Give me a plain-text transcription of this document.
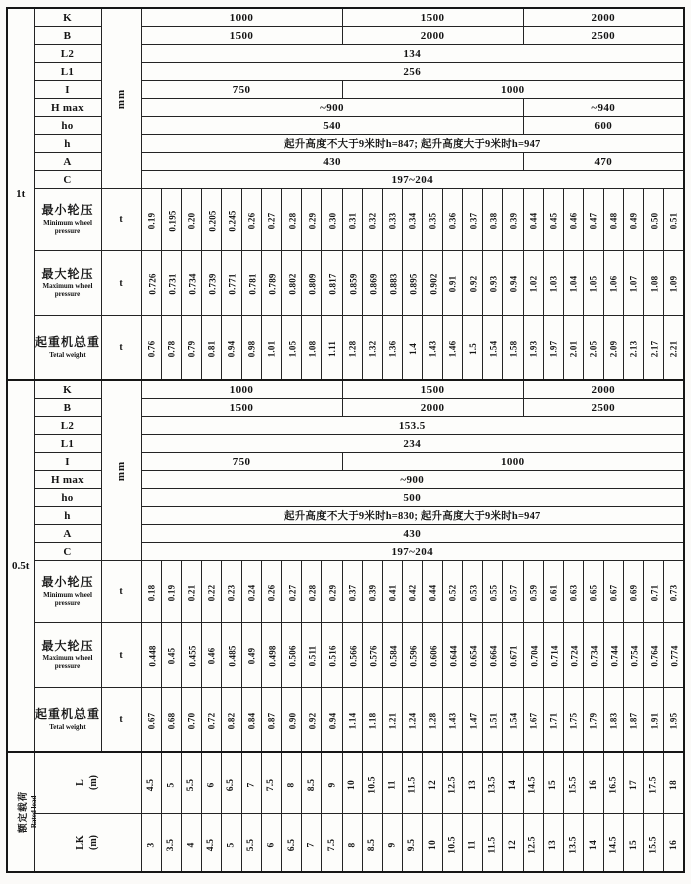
1t	K	mm	1000										1500									2000							
	B		1500										2000									2500							
	L2		134																										
	L1		256																										
	I		750										1000																
	H max		~900																			~940							
	ho		540																			600							
	h		起升高度不大于9米时h=847; 起升高度大于9米时h=947																										
	A		430																			470							
	C		197~204																										

	最小轮压
Minimum wheel pressure	t	0.19	0.195	0.20	0.205	0.245	0.26	0.27	0.28	0.29	0.30	0.31	0.32	0.33	0.34	0.35	0.36	0.37	0.38	0.39	0.44	0.45	0.46	0.47	0.48	0.49	0.50	0.51

	最大轮压
Maximum wheel pressure	t	0.726	0.731	0.734	0.739	0.771	0.781	0.789	0.802	0.809	0.817	0.859	0.869	0.883	0.895	0.902	0.91	0.92	0.93	0.94	1.02	1.03	1.04	1.05	1.06	1.07	1.08	1.09

	起重机总重
Tetal weight	t	0.76	0.78	0.79	0.81	0.94	0.98	1.01	1.05	1.08	1.11	1.28	1.32	1.36	1.4	1.43	1.46	1.5	1.54	1.58	1.93	1.97	2.01	2.05	2.09	2.13	2.17	2.21
0.5t	K	mm	1000										1500									2000							
	B		1500										2000									2500							
	L2		153.5																										
	L1		234																										
	I		750										1000																
	H max		~900																										
	ho		500																										
	h		起升高度不大于9米时h=830; 起升高度大于9米时h=947																										
	A		430																										
	C		197~204																										

	最小轮压
Minimum wheel pressure	t	0.18	0.19	0.21	0.22	0.23	0.24	0.26	0.27	0.28	0.29	0.37	0.39	0.41	0.42	0.44	0.52	0.53	0.55	0.57	0.59	0.61	0.63	0.65	0.67	0.69	0.71	0.73

	最大轮压
Maximum wheel pressure	t	0.448	0.45	0.455	0.46	0.485	0.49	0.498	0.506	0.511	0.516	0.566	0.576	0.584	0.596	0.606	0.644	0.654	0.664	0.671	0.704	0.714	0.724	0.734	0.744	0.754	0.764	0.774

	起重机总重
Tetal weight	t	0.67	0.68	0.70	0.72	0.82	0.84	0.87	0.90	0.92	0.94	1.14	1.18	1.21	1.24	1.28	1.43	1.47	1.51	1.54	1.67	1.71	1.75	1.79	1.83	1.87	1.91	1.95

额定载荷 Rated load	L (m)		4.5	5	5.5	6	6.5	7	7.5	8	8.5	9	10	10.5	11	11.5	12	12.5	13	13.5	14	14.5	15	15.5	16	16.5	17	17.5	18
	LK (m)		3	3.5	4	4.5	5	5.5	6	6.5	7	7.5	8	8.5	9	9.5	10	10.5	11	11.5	12	12.5	13	13.5	14	14.5	15	15.5	16
